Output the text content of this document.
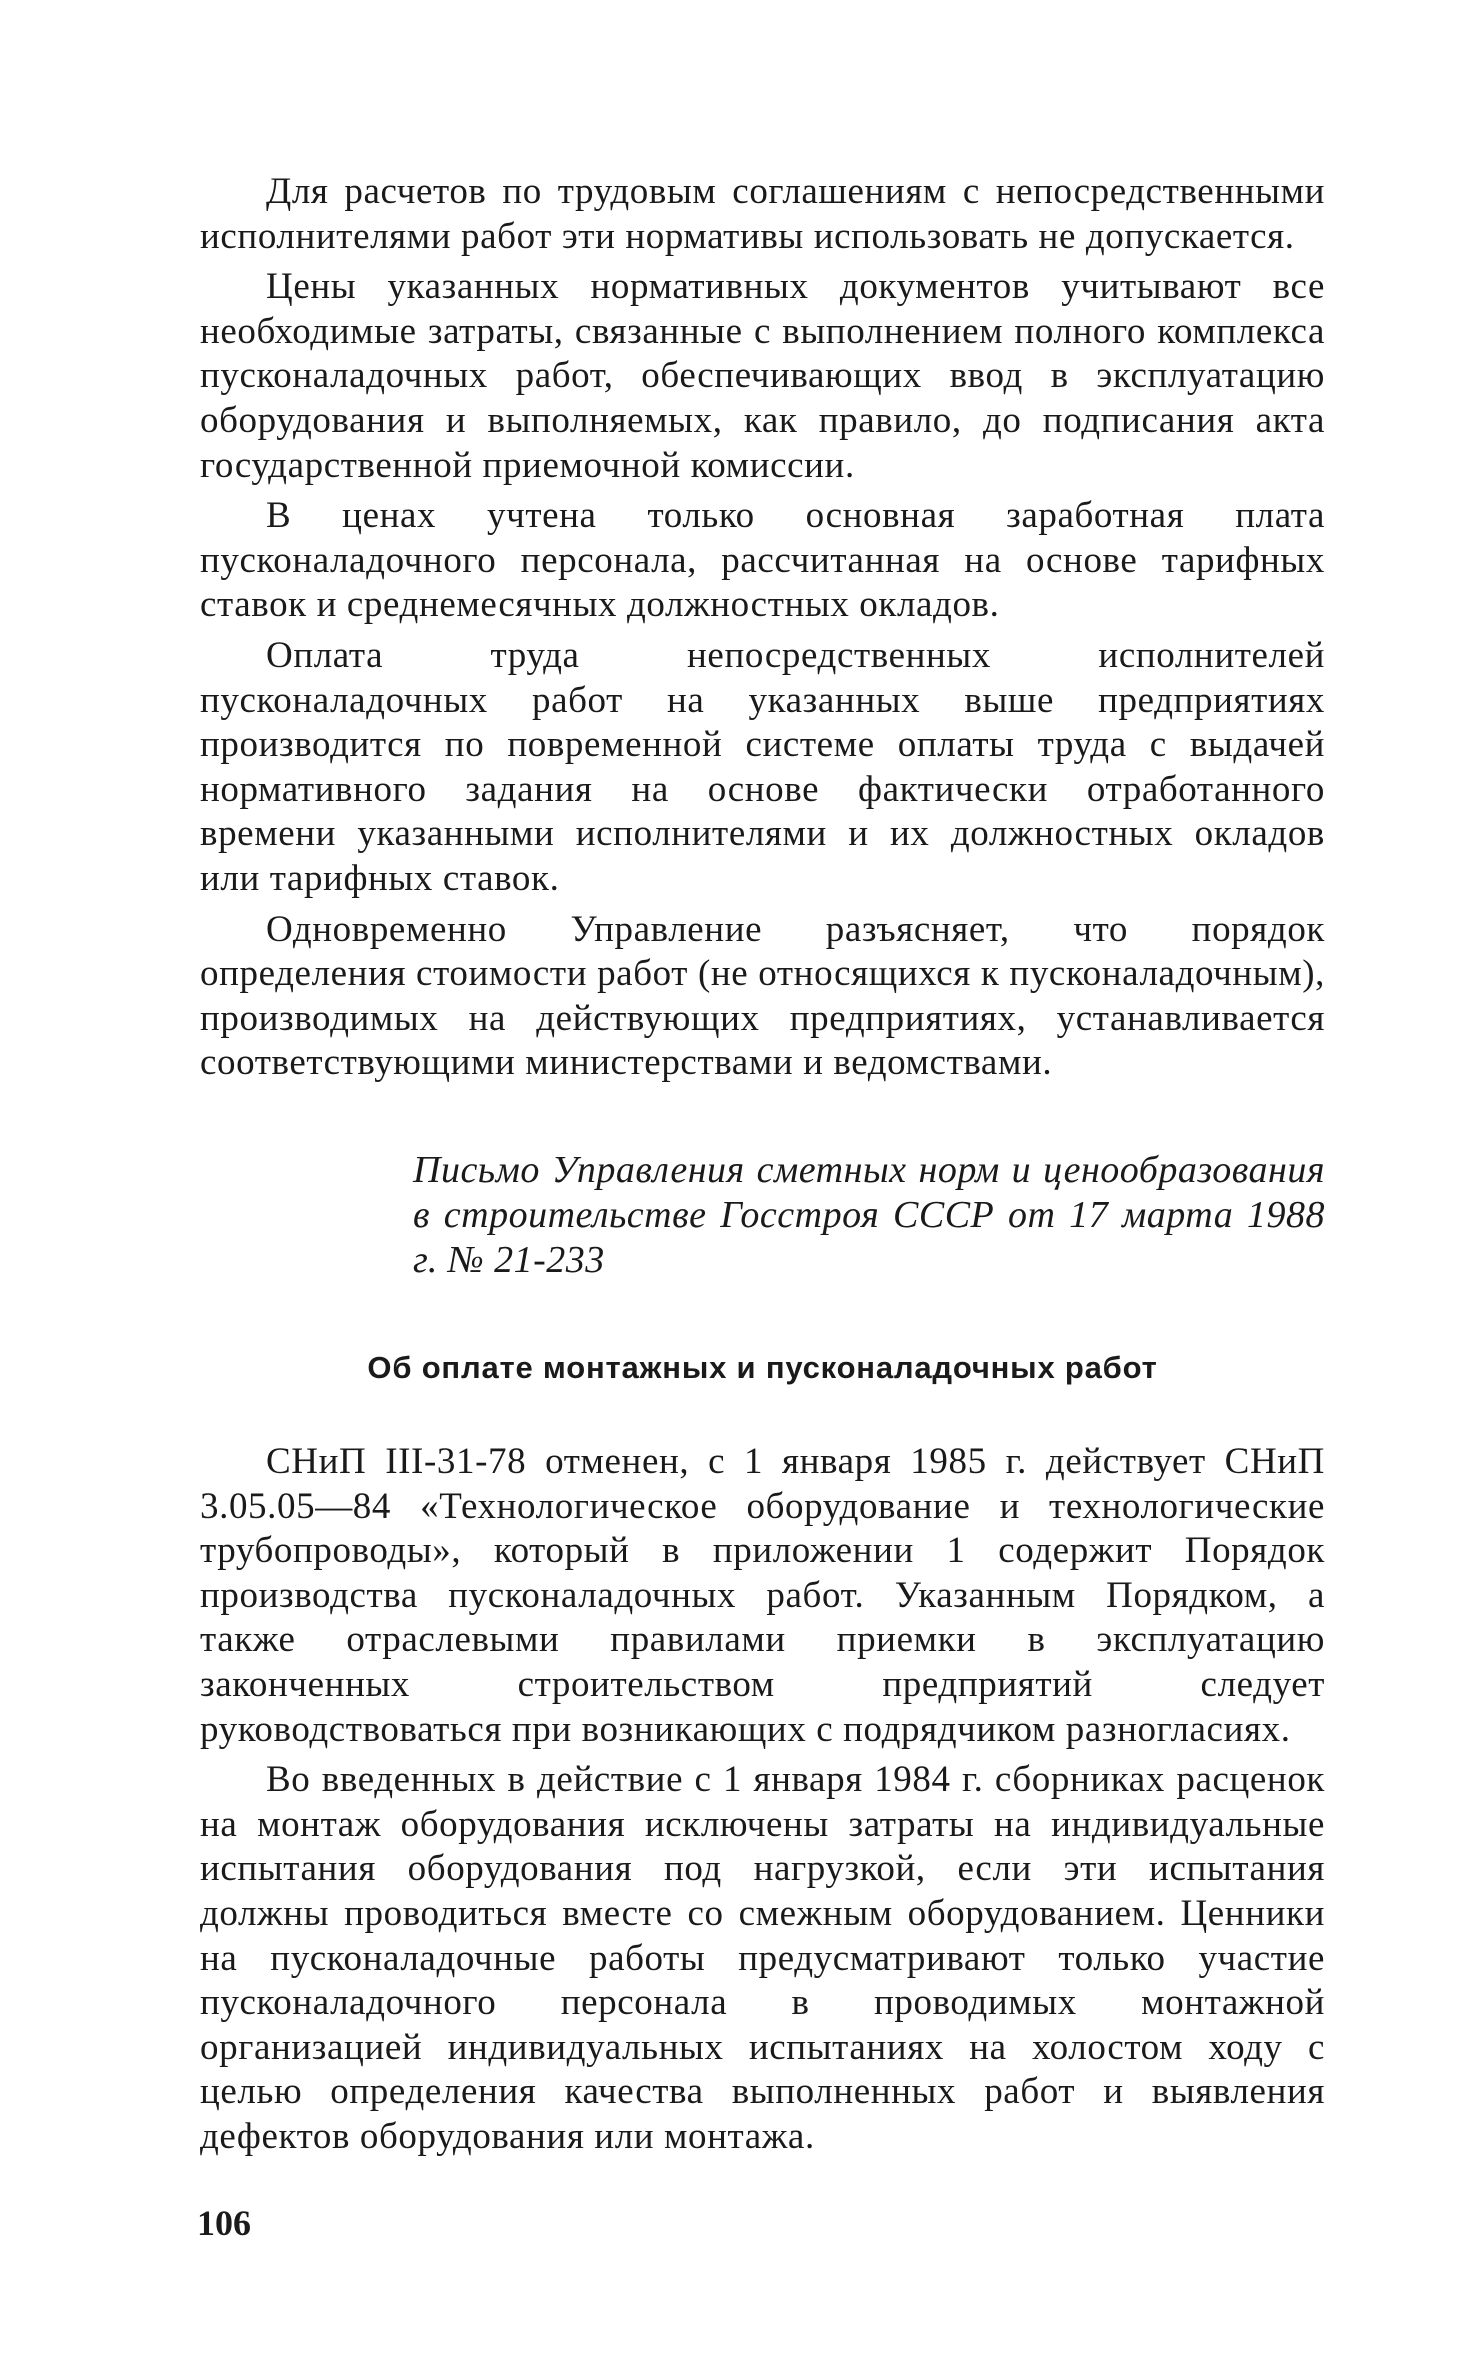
Для расчетов по трудовым соглашениям с непосредственными исполнителями работ эти нормативы использовать не допускается.

Цены указанных нормативных документов учитывают все необходимые затраты, связанные с выполнением полного комплекса пусконаладочных работ, обеспечивающих ввод в эксплуатацию оборудования и выполняемых, как правило, до подписания акта государственной приемочной комиссии.

В ценах учтена только основная заработная плата пусконаладочного персонала, рассчитанная на основе тарифных ставок и среднемесячных должностных окладов.

Оплата труда непосредственных исполнителей пусконаладочных работ на указанных выше предприятиях производится по повременной системе оплаты труда с выдачей нормативного задания на основе фактически отработанного времени указанными исполнителями и их должностных окладов или тарифных ставок.

Одновременно Управление разъясняет, что порядок определения стоимости работ (не относящихся к пусконаладочным), производимых на действующих предприятиях, устанавливается соответствующими министерствами и ведомствами.

Письмо Управления сметных норм и ценообразования в строительстве Госстроя СССР от 17 марта 1988 г. № 21-233

Об оплате монтажных и пусконаладочных работ

СНиП III-31-78 отменен, с 1 января 1985 г. действует СНиП 3.05.05—84 «Технологическое оборудование и технологические трубопроводы», который в приложении 1 содержит Порядок производства пусконаладочных работ. Указанным Порядком, а также отраслевыми правилами приемки в эксплуатацию законченных строительством предприятий следует руководствоваться при возникающих с подрядчиком разногласиях.

Во введенных в действие с 1 января 1984 г. сборниках расценок на монтаж оборудования исключены затраты на индивидуальные испытания оборудования под нагрузкой, если эти испытания должны проводиться вместе со смежным оборудованием. Ценники на пусконаладочные работы предусматривают только участие пусконаладочного персонала в проводимых монтажной организацией индивидуальных испытаниях на холостом ходу с целью определения качества выполненных работ и выявления дефектов оборудования или монтажа.

106
